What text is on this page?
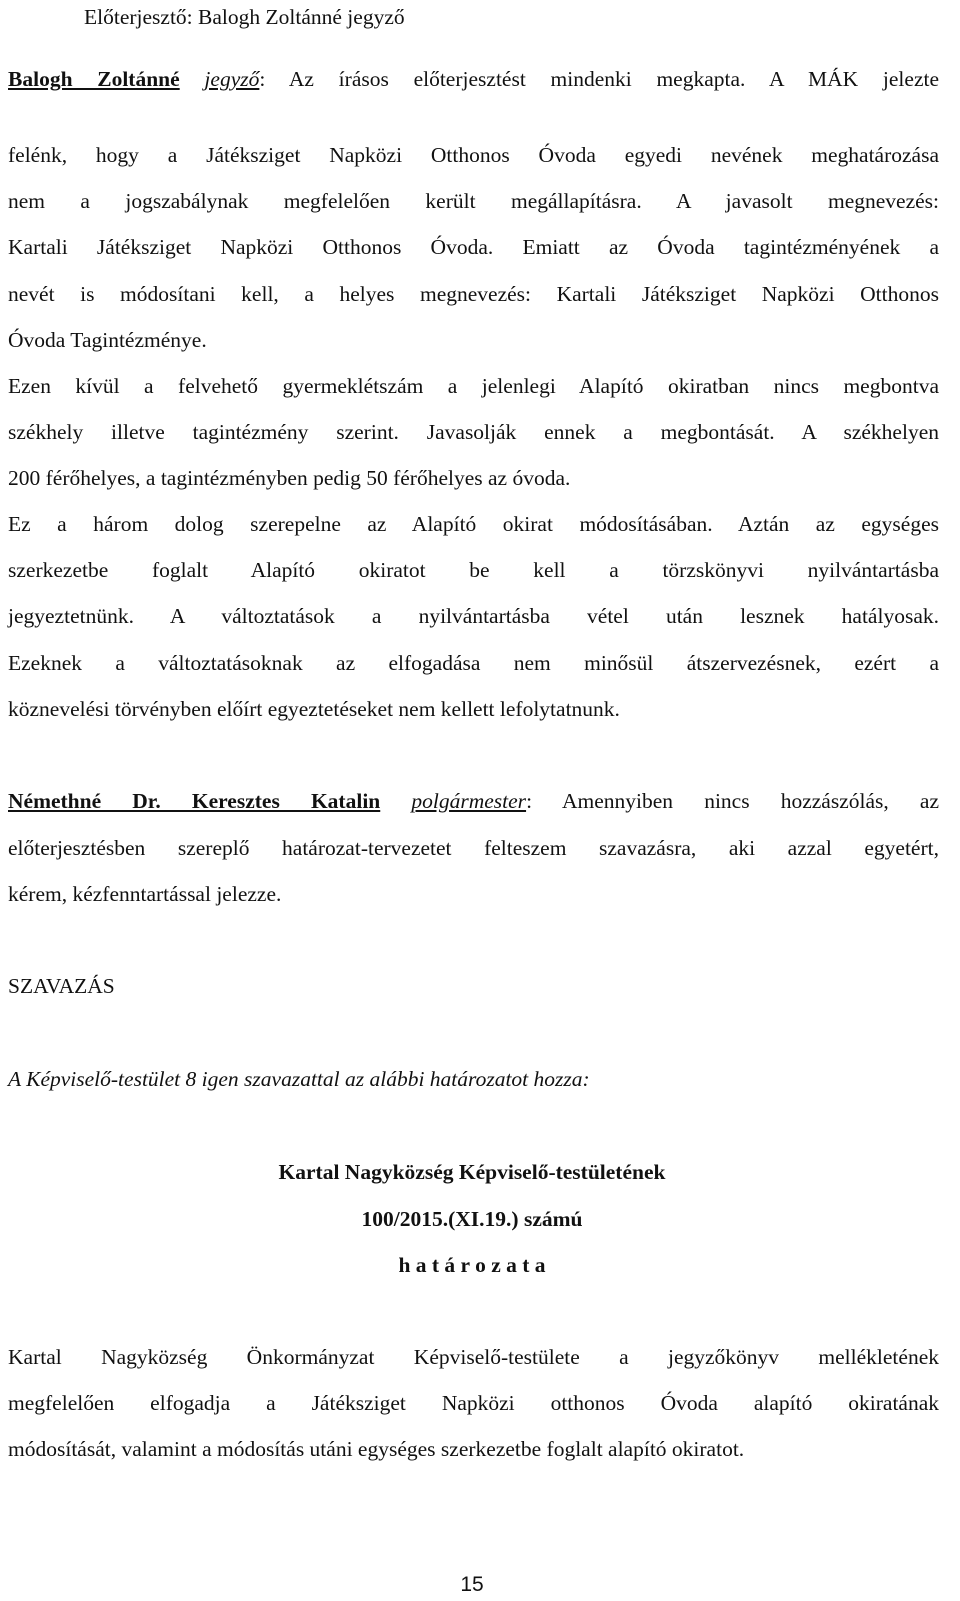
Előterjesztő: Balogh Zoltánné jegyző
Balogh Zoltánné jegyző: Az írásos előterjesztést mindenki megkapta. A MÁK jelezte
felénk, hogy a Játéksziget Napközi Otthonos Óvoda egyedi nevének meghatározása
nem a jogszabálynak megfelelően került megállapításra. A javasolt megnevezés:
Kartali Játéksziget Napközi Otthonos Óvoda. Emiatt az Óvoda tagintézményének a
nevét is módosítani kell, a helyes megnevezés: Kartali Játéksziget Napközi Otthonos
Óvoda Tagintézménye.
Ezen kívül a felvehető gyermeklétszám a jelenlegi Alapító okiratban nincs megbontva
székhely illetve tagintézmény szerint. Javasolják ennek a megbontását. A székhelyen
200 férőhelyes, a tagintézményben pedig 50 férőhelyes az óvoda.
Ez a három dolog szerepelne az Alapító okirat módosításában. Aztán az egységes
szerkezetbe foglalt Alapító okiratot be kell a törzskönyvi nyilvántartásba
jegyeztetnünk. A változtatások a nyilvántartásba vétel után lesznek hatályosak.
Ezeknek a változtatásoknak az elfogadása nem minősül átszervezésnek, ezért a
köznevelési törvényben előírt egyeztetéseket nem kellett lefolytatnunk.
Némethné Dr. Keresztes Katalin polgármester: Amennyiben nincs hozzászólás, az
előterjesztésben szereplő határozat-tervezetet felteszem szavazásra, aki azzal egyetért,
kérem, kézfenntartással jelezze.
SZAVAZÁS
A Képviselő-testület 8 igen szavazattal az alábbi határozatot hozza:
Kartal Nagyközség Képviselő-testületének
100/2015.(XI.19.) számú
h a t á r o z a t a
Kartal Nagyközség Önkormányzat Képviselő-testülete a jegyzőkönyv mellékletének
megfelelően elfogadja a Játéksziget Napközi otthonos Óvoda alapító okiratának
módosítását, valamint a módosítás utáni egységes szerkezetbe foglalt alapító okiratot.
15
